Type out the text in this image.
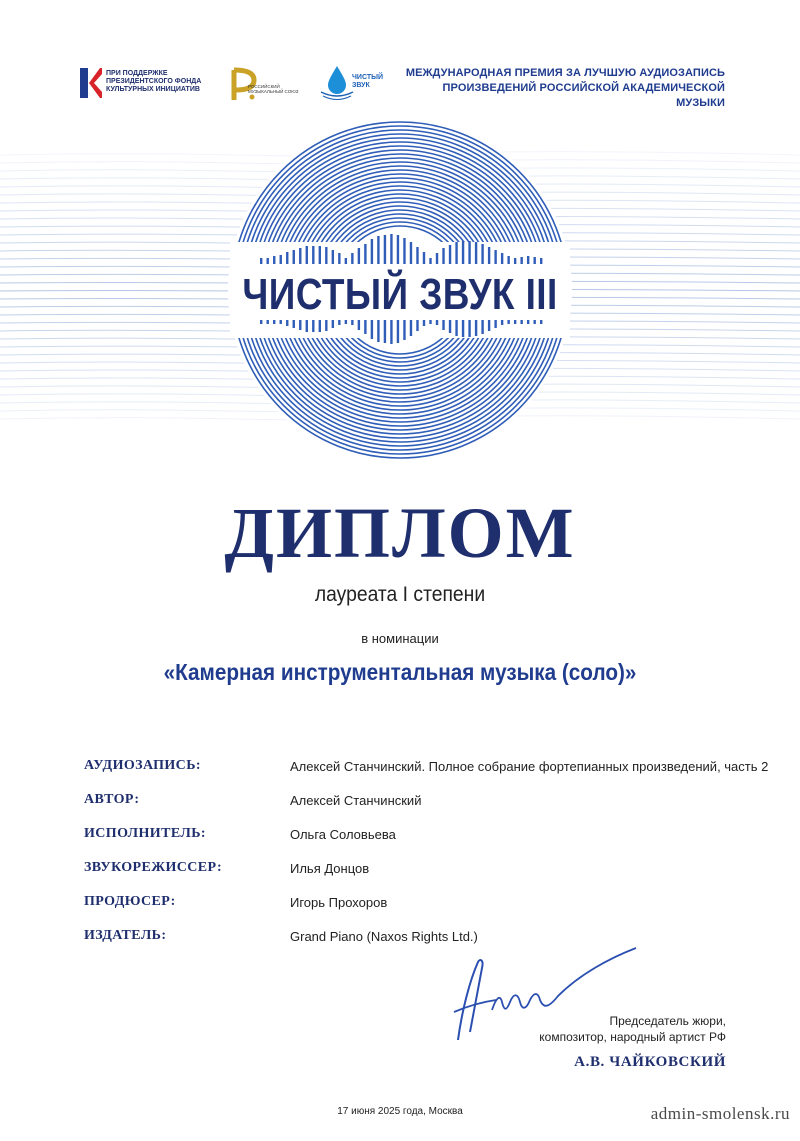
ПРИ ПОДДЕРЖКЕ
ПРЕЗИДЕНТСКОГО ФОНДА
КУЛЬТУРНЫХ ИНИЦИАТИВ	РОССИЙСКИЙ
МУЗЫКАЛЬНЫЙ СОЮЗ
ЧИСТЫЙ
ЗВУК
МЕЖДУНАРОДНАЯ ПРЕМИЯ ЗА ЛУЧШУЮ АУДИОЗАПИСЬ
ПРОИЗВЕДЕНИЙ РОССИЙСКОЙ АКАДЕМИЧЕСКОЙ МУЗЫКИ
ЧИСТЫЙ ЗВУК III
ДИПЛОМ
лауреата I степени
в номинации
«Камерная инструментальная музыка (соло)»
АУДИОЗАПИСЬ:	Алексей Станчинский. Полное собрание фортепианных произведений, часть 2
АВТОР:	Алексей Станчинский
ИСПОЛНИТЕЛЬ:	Ольга Соловьева
ЗВУКОРЕЖИССЕР:	Илья Донцов
ПРОДЮСЕР:	Игорь Прохоров
ИЗДАТЕЛЬ:	Grand Piano (Naxos Rights Ltd.)
Председатель жюри,
композитор, народный артист РФ
А.В. ЧАЙКОВСКИЙ
17 июня 2025 года, Москва	admin-smolensk.ru
